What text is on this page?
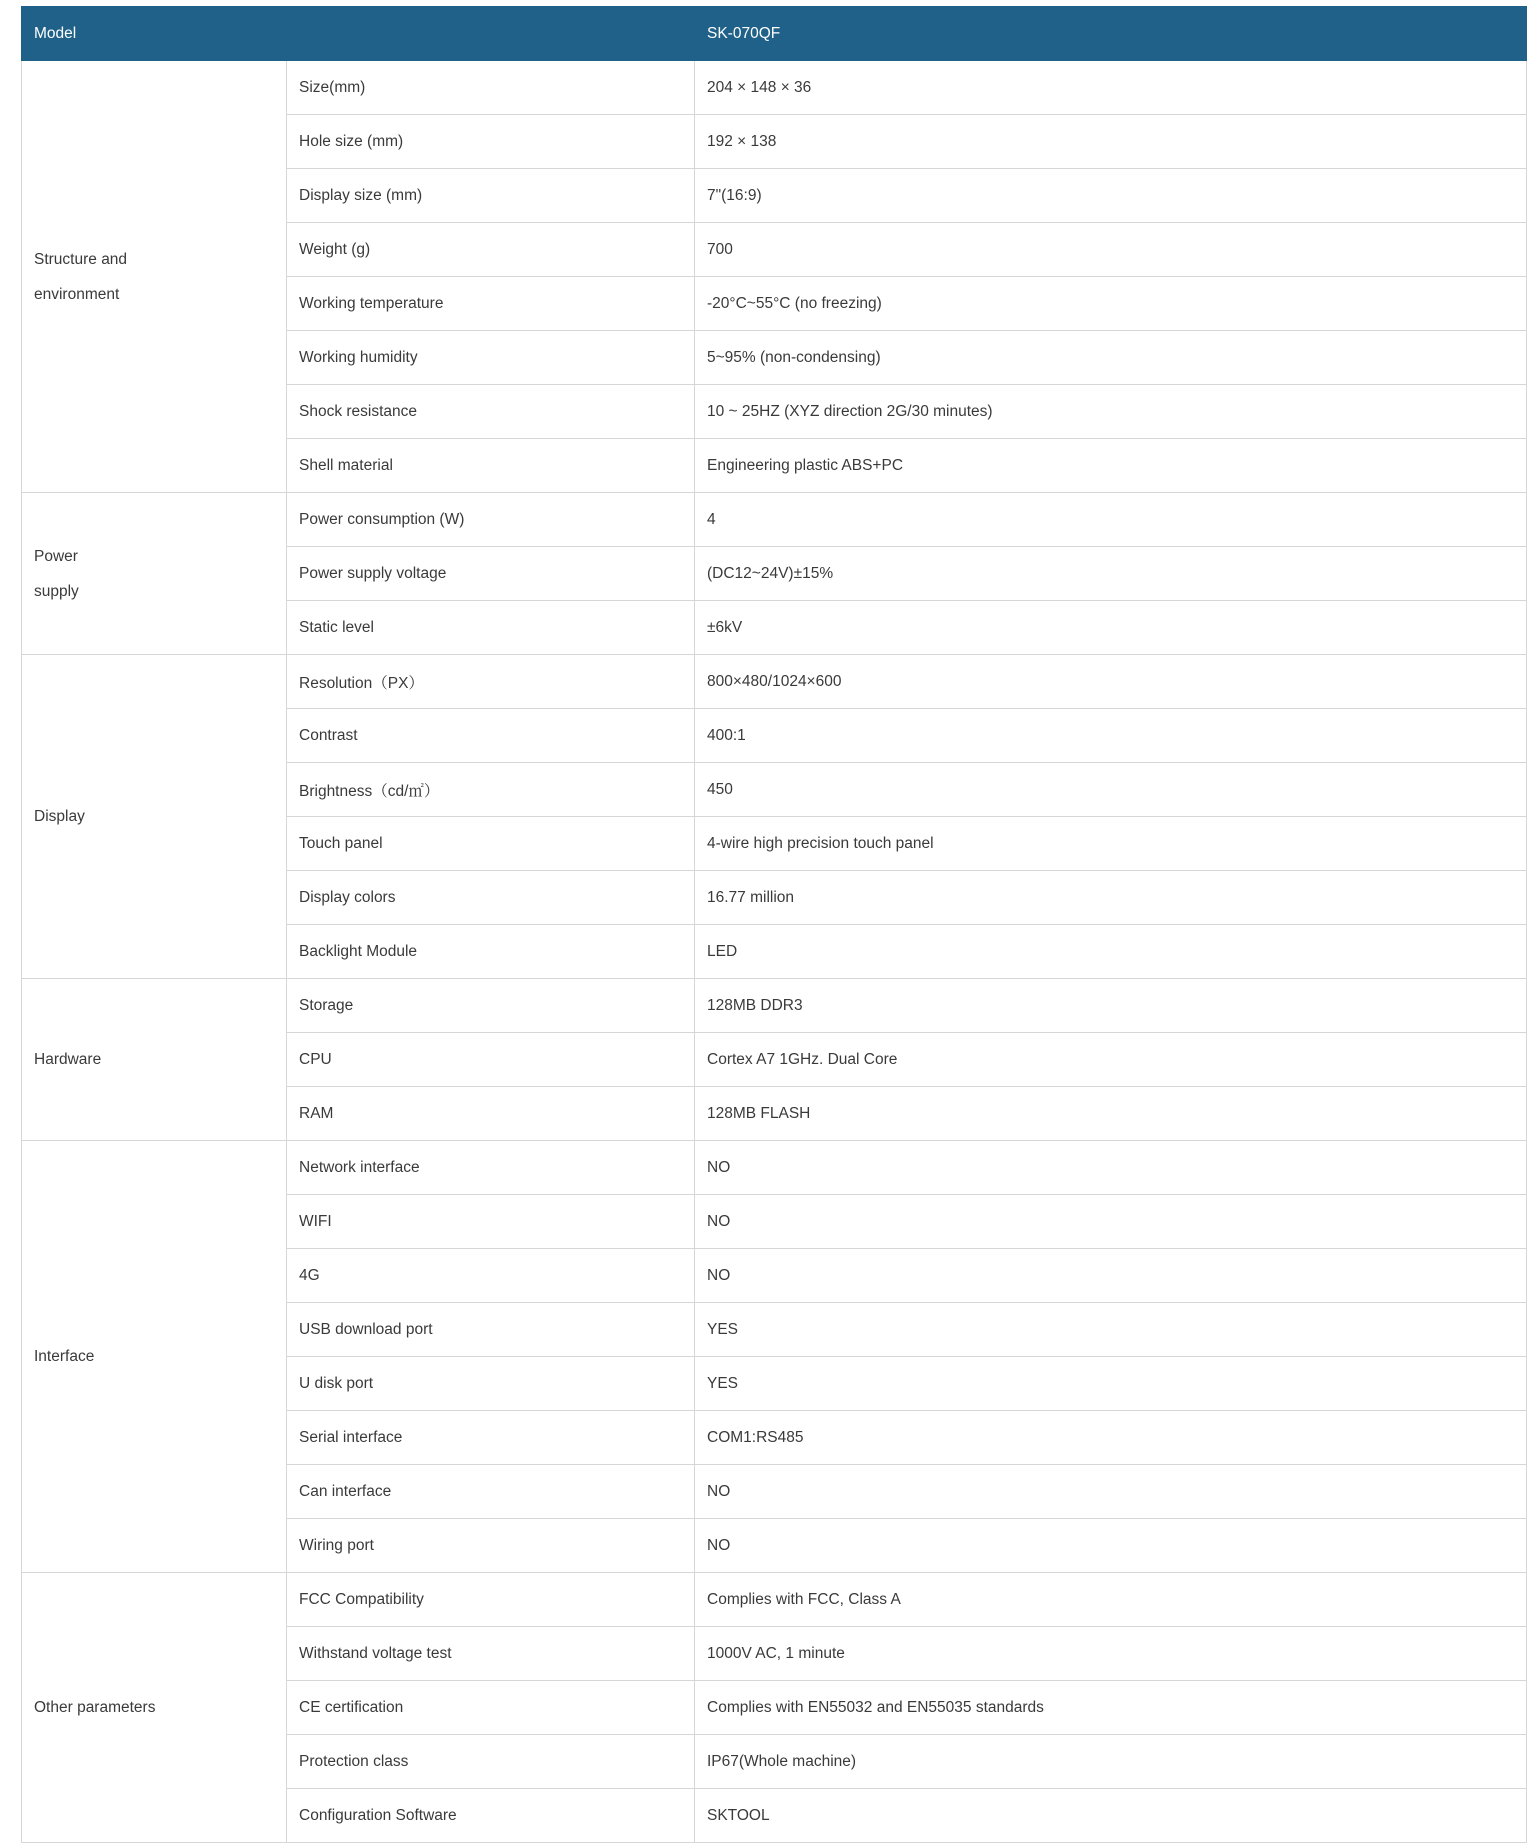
Model		SK-070QF

Structure and environment	Size(mm)	204 × 148 × 36
	Hole size (mm)	192 × 138
	Display size (mm)	7"(16:9)
	Weight (g)	700
	Working temperature	-20°C~55°C (no freezing)
	Working humidity	5~95% (non-condensing)
	Shock resistance	10 ~ 25HZ (XYZ direction 2G/30 minutes)
	Shell material	Engineering plastic ABS+PC

Power supply	Power consumption (W)	4
	Power supply voltage	(DC12~24V)±15%
	Static level	±6kV

Display	Resolution（PX）	800×480/1024×600
	Contrast	400:1
	Brightness（cd/㎡）	450
	Touch panel	4-wire high precision touch panel
	Display colors	16.77 million
	Backlight Module	LED

Hardware	Storage	128MB DDR3
	CPU	Cortex A7 1GHz. Dual Core
	RAM	128MB FLASH

Interface	Network interface	NO
	WIFI	NO
	4G	NO
	USB download port	YES
	U disk port	YES
	Serial interface	COM1:RS485
	Can interface	NO
	Wiring port	NO

Other parameters	FCC Compatibility	Complies with FCC, Class A
	Withstand voltage test	1000V AC, 1 minute
	CE certification	Complies with EN55032 and EN55035 standards
	Protection class	IP67(Whole machine)
	Configuration Software	SKTOOL
